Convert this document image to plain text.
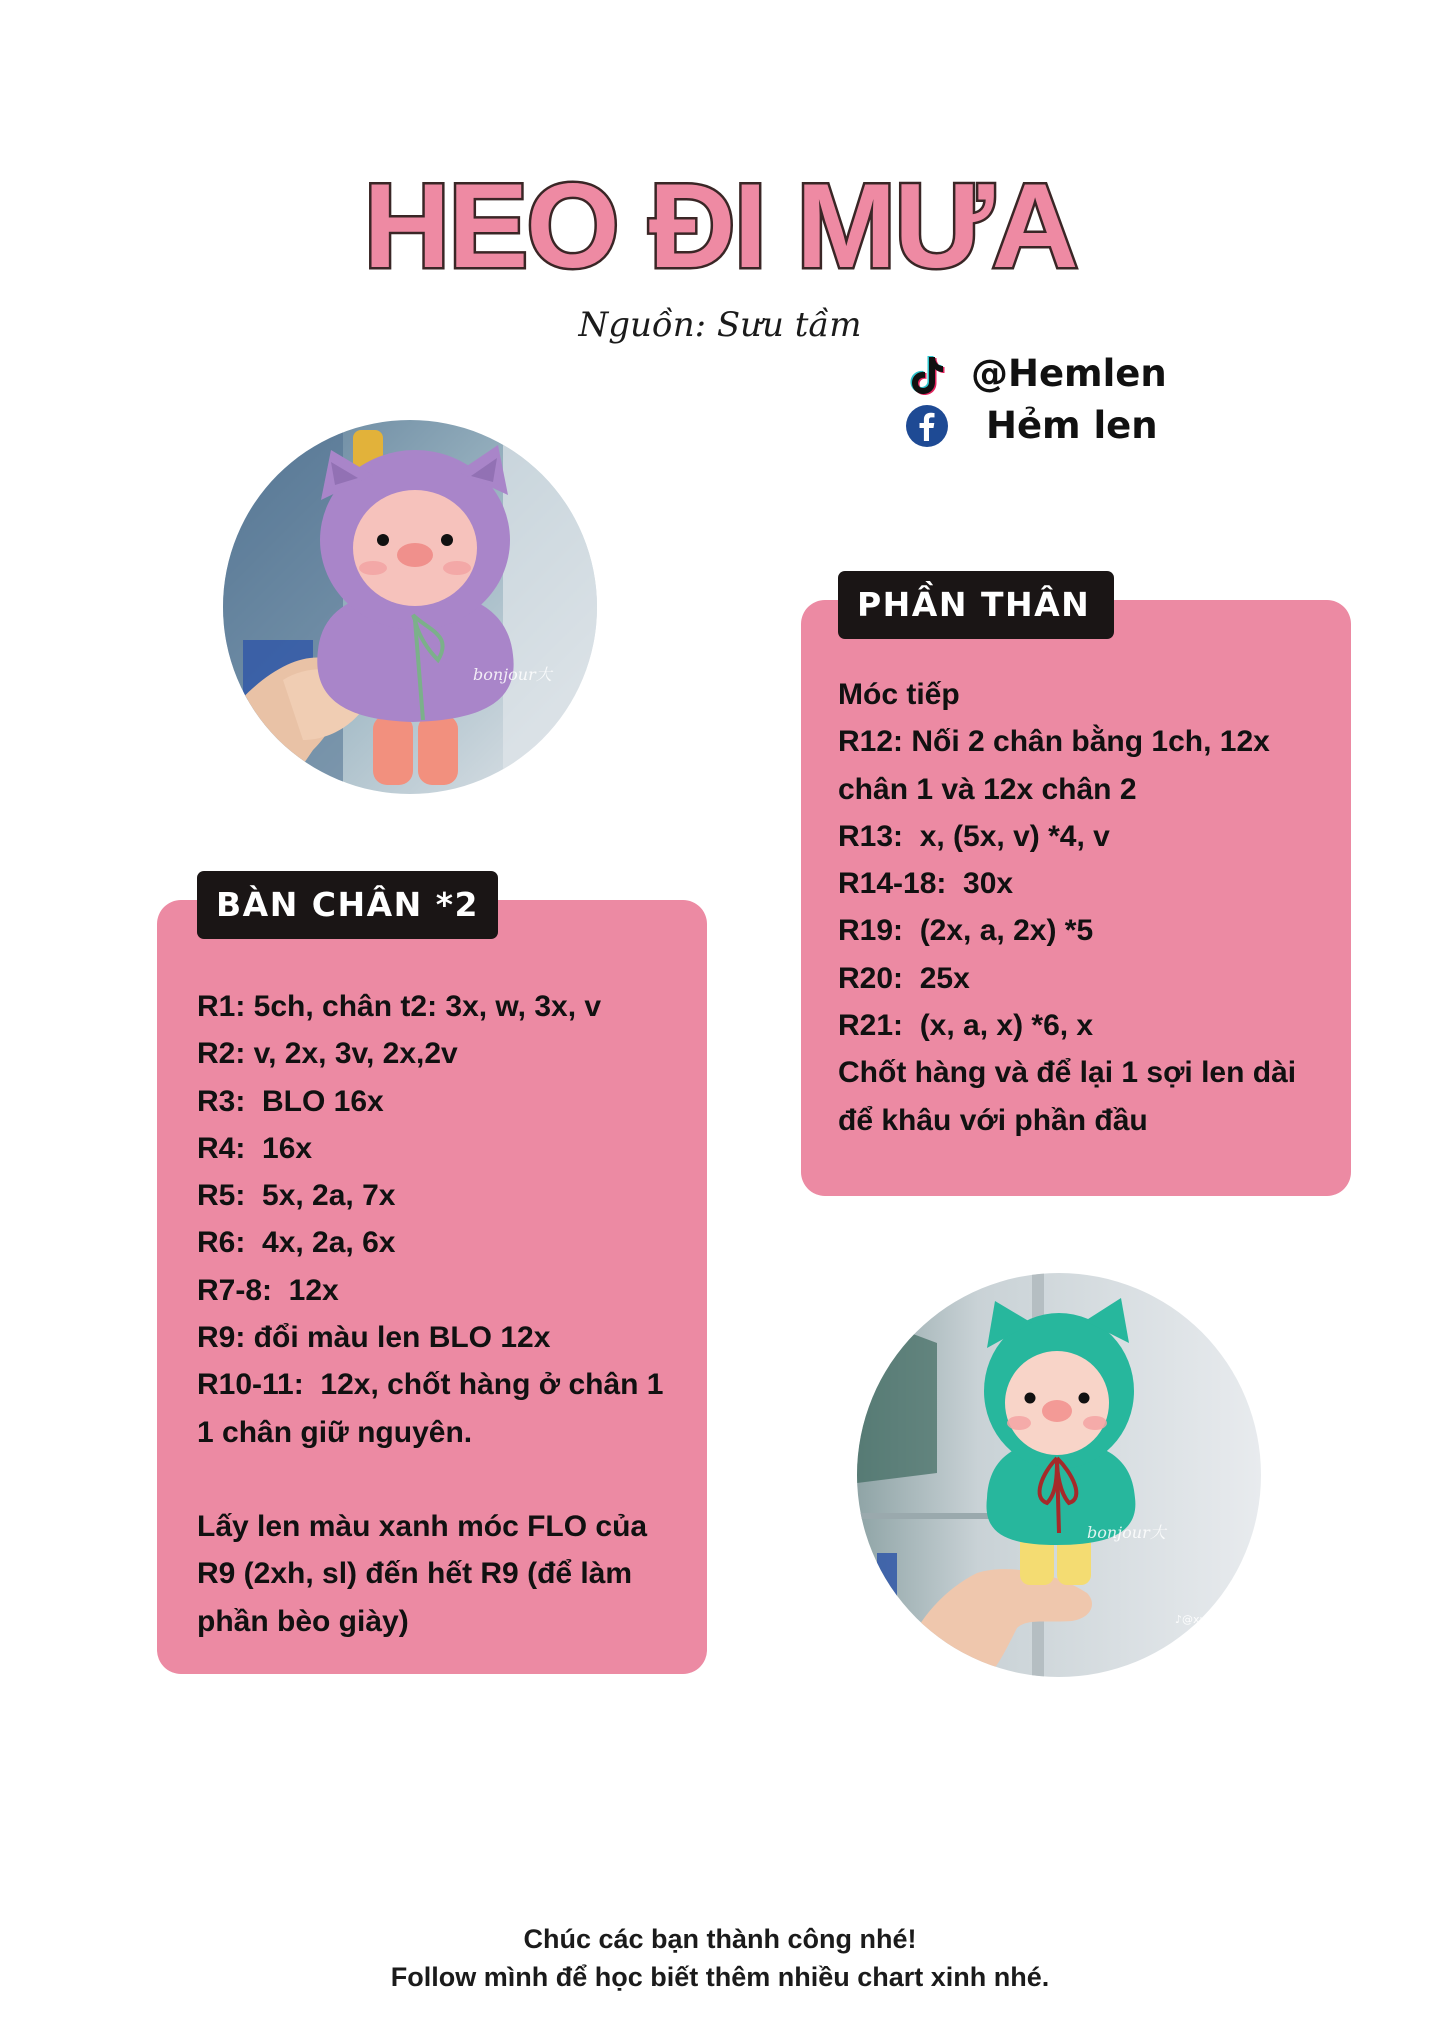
HEO ĐI MƯA
Nguồn: Sưu tầm
@Hemlen
Hẻm len
bonjour大
PHẦN THÂN
Móc tiếp
R12: Nối 2 chân bằng 1ch, 12x
chân 1 và 12x chân 2
R13:  x, (5x, v) *4, v
R14-18:  30x
R19:  (2x, a, 2x) *5
R20:  25x
R21:  (x, a, x) *6, x
Chốt hàng và để lại 1 sợi len dài
để khâu với phần đầu
BÀN CHÂN *2
R1: 5ch, chân t2: 3x, w, 3x, v
R2: v, 2x, 3v, 2x,2v
R3:  BLO 16x
R4:  16x
R5:  5x, 2a, 7x
R6:  4x, 2a, 6x
R7-8:  12x
R9: đổi màu len BLO 12x
R10-11:  12x, chốt hàng ở chân 1
1 chân giữ nguyên.
Lấy len màu xanh móc FLO của
R9 (2xh, sl) đến hết R9 (để làm
phần bèo giày)
bonjour大
♪@xumin
Chúc các bạn thành công nhé!
Follow mình để học biết thêm nhiều chart xinh nhé.
